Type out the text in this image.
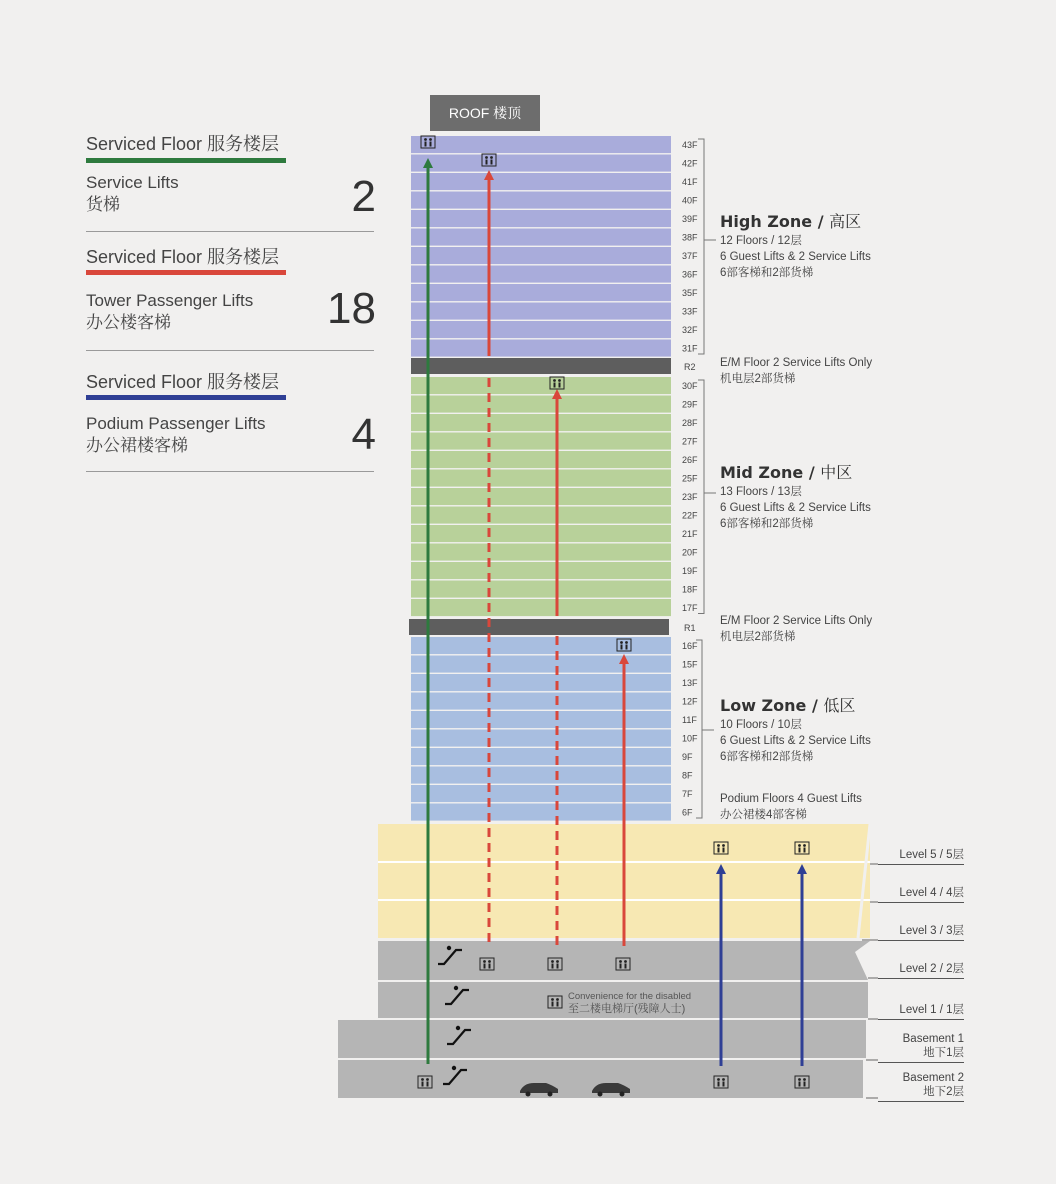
Serviced Floor 服务楼层
Service Lifts
货梯	2
Serviced Floor 服务楼层
Tower Passenger Lifts
办公楼客梯	18
Serviced Floor 服务楼层
Podium Passenger Lifts
办公裙楼客梯	4
ROOF 楼顶
43F
42F
41F
40F
39F
38F
37F
36F
35F
33F
32F
31F
R2
30F
29F
28F
27F
26F
25F
23F
22F
21F
20F
19F
18F
17F
R1
16F
15F
13F
12F
11F
10F
9F
8F
7F
6F
High Zone / 高区
12 Floors / 12层
6 Guest Lifts & 2 Service Lifts
6部客梯和2部货梯
E/M Floor 2 Service Lifts Only
机电层2部货梯
Mid Zone / 中区
13 Floors / 13层
6 Guest Lifts & 2 Service Lifts
6部客梯和2部货梯
E/M Floor 2 Service Lifts Only
机电层2部货梯
Low Zone / 低区
10 Floors / 10层
6 Guest Lifts & 2 Service Lifts
6部客梯和2部货梯
Podium Floors 4 Guest Lifts
办公裙楼4部客梯
Level 5 / 5层
Level 4 / 4层
Level 3 / 3层
Level 2 / 2层
Level 1 / 1层
Basement 1
地下1层
Basement 2
地下2层
Convenience for the disabled
至二楼电梯厅(残障人士)
